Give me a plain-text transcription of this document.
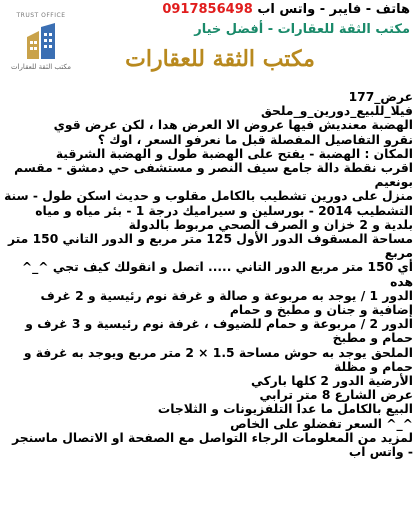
TRUST OFFICE
مكتب الثقة للعقارات
هاتف - فايبر - واتس اب 0917856498
مكتب الثقة للعقارات - أفضل خيار
مكتب الثقة للعقارات

عرض_177

فيلا_للبيع_دورين_و_ملحق

الهضبة معنديش فيها عروض الا العرض هدا ، لكن عرض قوي

نقرو التفاصيل المفصلة قبل ما نعرفو السعر ، اوك ؟

المكان : الهضبة - يفتح على الهضبة طول و الهضبة الشرقية

اقرب نقطة دالة جامع سيف النصر و مستشفى حي دمشق - مقسم بونعيم

منزل على دورين تشطيب بالكامل مقلوب و حديث اسكن طول - سنة التشطيب 2014 - بورسلين و سيراميك درجة 1 - بئر مياه و مياه بلدية و 2 خزان و الصرف الصحي مربوط بالدولة

مساحة المسقوف الدور الأول 125 متر مربع و الدور التاني 150 متر مربع

أي 150 متر مربع الدور التاني ..... اتصل و انقولك كيف تجي ^_^ هده

الدور 1 / يوجد به مربوعة و صالة و غرفة نوم رئيسية و 2 غرف إضافية و جنان و مطبخ و حمام

الدور 2 / مربوعة و حمام للضيوف ، غرفة نوم رئيسية و 3 غرف و حمام و مطبخ

الملحق يوجد به حوش مساحة 1.5 × 2 متر مربع ويوجد به غرفة و حمام و مظلة

الأرضية الدور 2 كلها باركي

عرض الشارع 8 متر ترابي

البيع بالكامل ما عدا التلفزيونات و الثلاجات

^_^ السعر تفضلو على الخاص

لمزيد من المعلومات الرجاء التواصل مع الصفحة او الاتصال ماسنجر - واتس اب
